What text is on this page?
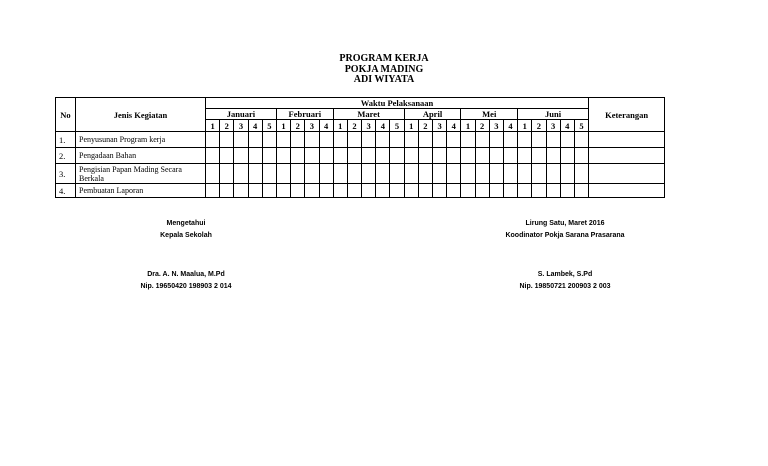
PROGRAM KERJA
POKJA MADING
ADI WIYATA
No	Jenis Kegiatan	Waktu Pelaksanaan																											Keterangan
		Januari					Februari				Maret					April				Mei				Juni					
		1	2	3	4	5	1	2	3	4	1	2	3	4	5	1	2	3	4	1	2	3	4	1	2	3	4	5	
1.	Penyusunan Program kerja																												
2.	Pengadaan Bahan																												
3.	Pengisian Papan Mading Secara Berkala																												
4.	Pembuatan Laporan																												
Mengetahui
Kepala Sekolah
Dra. A. N. Maalua, M.Pd
Nip. 19650420 198903 2 014
Lirung Satu, Maret 2016
Koodinator Pokja Sarana Prasarana
S. Lambek, S.Pd
Nip. 19850721 200903 2 003
